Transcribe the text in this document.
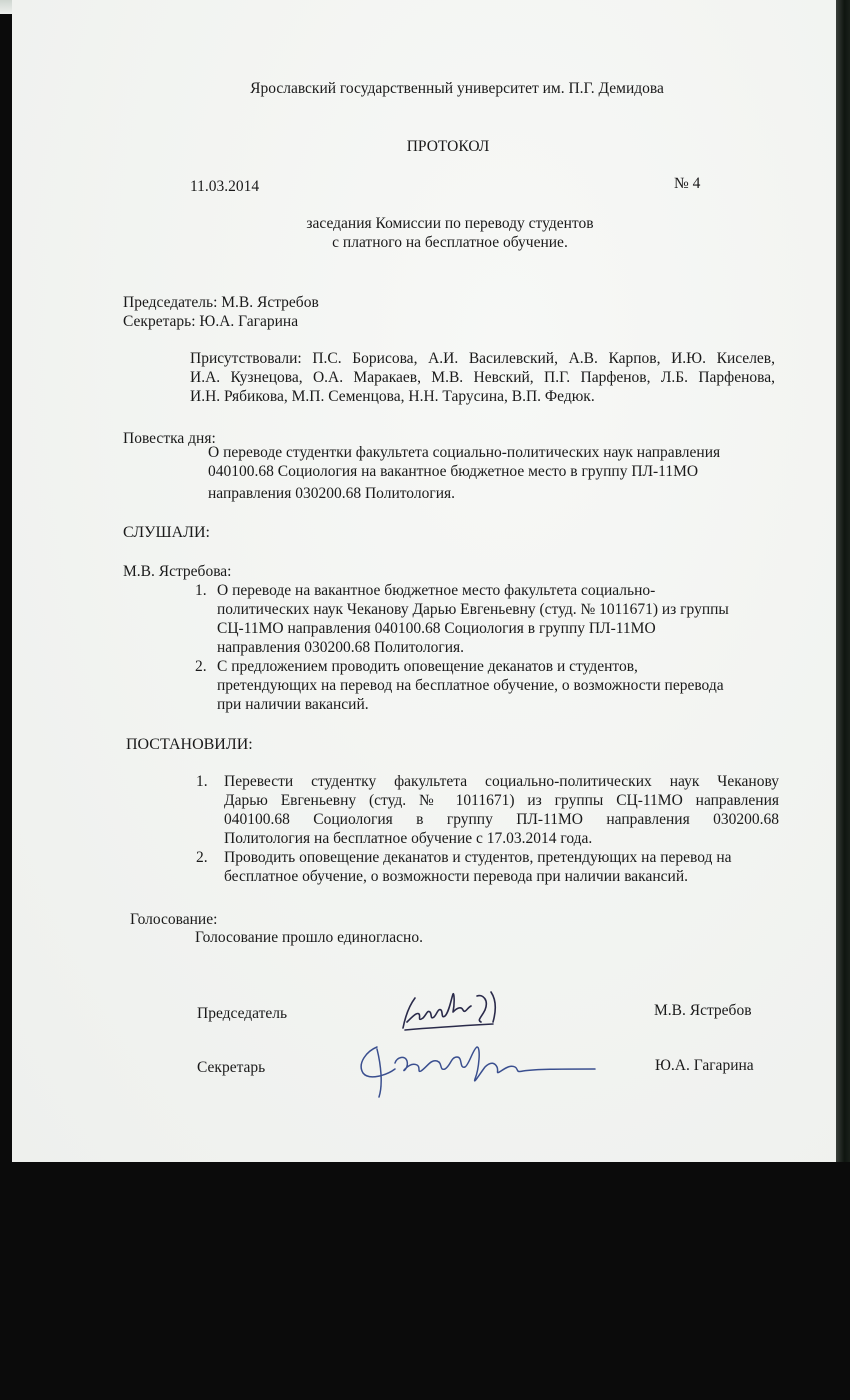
Ярославский государственный университет им. П.Г. Демидова
ПРОТОКОЛ
11.03.2014	№ 4
заседания Комиссии по переводу студентов
с платного на бесплатное обучение.
Председатель: М.В. Ястребов
Секретарь: Ю.А. Гагарина
Присутствовали: П.С. Борисова, А.И. Василевский, А.В. Карпов, И.Ю. Киселев,
И.А. Кузнецова, О.А. Маракаев, М.В. Невский, П.Г. Парфенов, Л.Б. Парфенова,
И.Н. Рябикова, М.П. Семенцова, Н.Н. Тарусина, В.П. Федюк.
Повестка дня:
О переводе студентки факультета социально-политических наук направления
040100.68 Социология на вакантное бюджетное место в группу ПЛ-11МО
направления 030200.68 Политология.
СЛУШАЛИ:
М.В. Ястребова:
1. О переводе на вакантное бюджетное место факультета социально-
политических наук Чеканову Дарью Евгеньевну (студ. № 1011671) из группы
СЦ-11МО направления 040100.68 Социология в группу ПЛ-11МО
направления 030200.68 Политология.
2. С предложением проводить оповещение деканатов и студентов,
претендующих на перевод на бесплатное обучение, о возможности перевода
при наличии вакансий.
ПОСТАНОВИЛИ:
1. Перевести студентку факультета социально-политических наук Чеканову
Дарью Евгеньевну (студ. № 1011671) из группы СЦ-11МО направления
040100.68 Социология в группу ПЛ-11МО направления 030200.68
Политология на бесплатное обучение с 17.03.2014 года.
2. Проводить оповещение деканатов и студентов, претендующих на перевод на
бесплатное обучение, о возможности перевода при наличии вакансий.
Голосование:
Голосование прошло единогласно.
Председатель	М.В. Ястребов
Секретарь	Ю.А. Гагарина
